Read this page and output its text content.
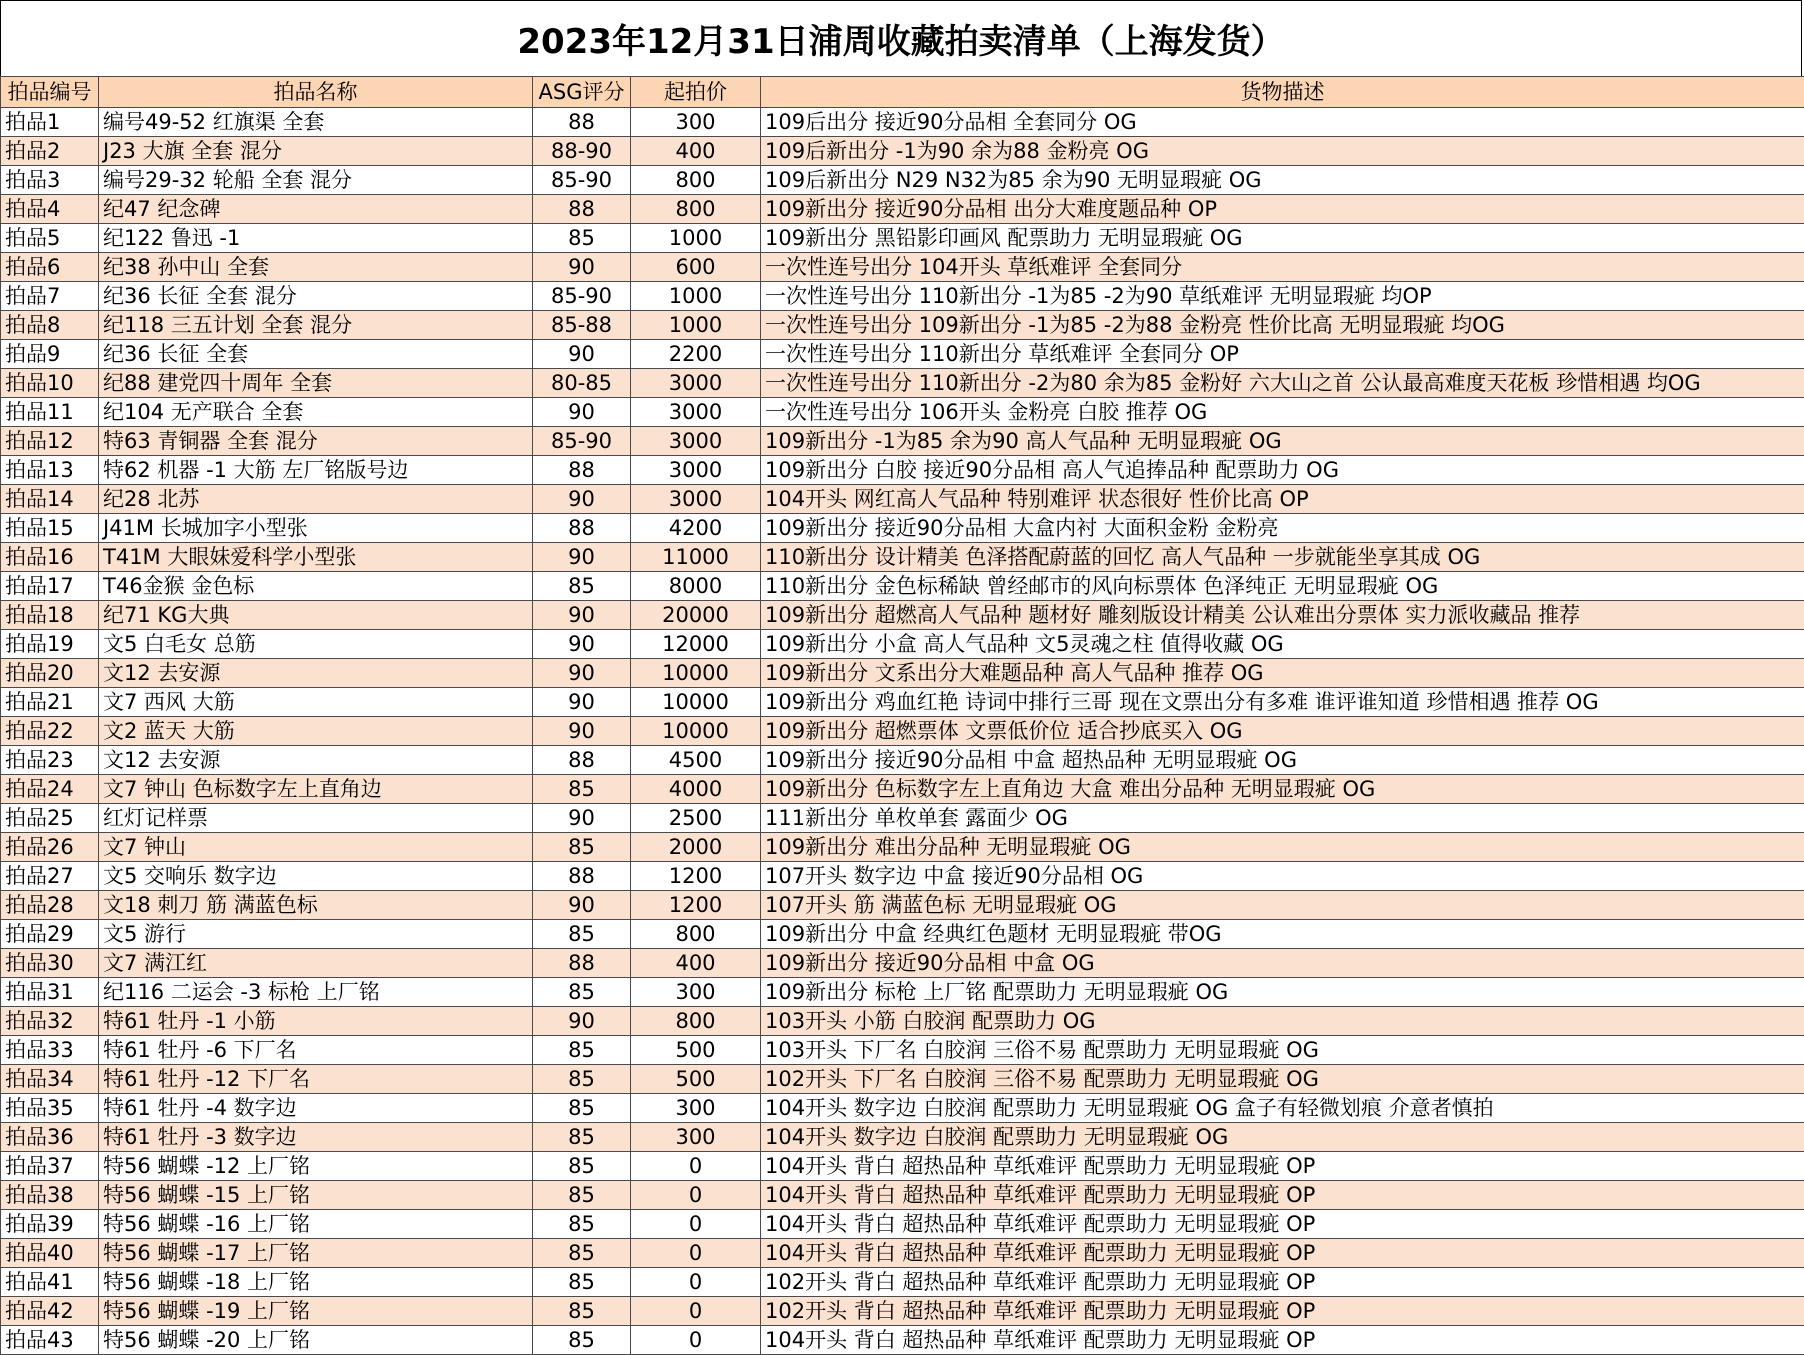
2023年12月31日浦周收藏拍卖清单（上海发货）
拍品编号	拍品名称	ASG评分	起拍价	货物描述
拍品1	编号49-52 红旗渠 全套	88	300	109后出分 接近90分品相 全套同分 OG
拍品2	J23 大旗 全套 混分	88-90	400	109后新出分 -1为90 余为88 金粉亮 OG
拍品3	编号29-32 轮船 全套 混分	85-90	800	109后新出分 N29 N32为85 余为90 无明显瑕疵 OG
拍品4	纪47 纪念碑	88	800	109新出分 接近90分品相 出分大难度题品种 OP
拍品5	纪122 鲁迅 -1	85	1000	109新出分 黑铅影印画风 配票助力 无明显瑕疵 OG
拍品6	纪38 孙中山 全套	90	600	一次性连号出分 104开头 草纸难评 全套同分
拍品7	纪36 长征 全套 混分	85-90	1000	一次性连号出分 110新出分 -1为85 -2为90 草纸难评 无明显瑕疵 均OP
拍品8	纪118 三五计划 全套 混分	85-88	1000	一次性连号出分 109新出分 -1为85 -2为88 金粉亮 性价比高 无明显瑕疵 均OG
拍品9	纪36 长征 全套	90	2200	一次性连号出分 110新出分 草纸难评 全套同分 OP
拍品10	纪88 建党四十周年 全套	80-85	3000	一次性连号出分 110新出分 -2为80 余为85 金粉好 六大山之首 公认最高难度天花板 珍惜相遇 均OG
拍品11	纪104 无产联合 全套	90	3000	一次性连号出分 106开头 金粉亮 白胶 推荐 OG
拍品12	特63 青铜器 全套 混分	85-90	3000	109新出分 -1为85 余为90 高人气品种 无明显瑕疵 OG
拍品13	特62 机器 -1 大筋 左厂铭版号边	88	3000	109新出分 白胶 接近90分品相 高人气追捧品种 配票助力 OG
拍品14	纪28 北苏	90	3000	104开头 网红高人气品种 特别难评 状态很好 性价比高 OP
拍品15	J41M 长城加字小型张	88	4200	109新出分 接近90分品相 大盒内衬 大面积金粉 金粉亮
拍品16	T41M 大眼妹爱科学小型张	90	11000	110新出分 设计精美 色泽搭配蔚蓝的回忆 高人气品种 一步就能坐享其成 OG
拍品17	T46金猴 金色标	85	8000	110新出分 金色标稀缺 曾经邮市的风向标票体 色泽纯正 无明显瑕疵 OG
拍品18	纪71 KG大典	90	20000	109新出分 超燃高人气品种 题材好 雕刻版设计精美 公认难出分票体 实力派收藏品 推荐
拍品19	文5 白毛女 总筋	90	12000	109新出分 小盒 高人气品种 文5灵魂之柱 值得收藏 OG
拍品20	文12 去安源	90	10000	109新出分 文系出分大难题品种 高人气品种 推荐 OG
拍品21	文7 西风 大筋	90	10000	109新出分 鸡血红艳 诗词中排行三哥 现在文票出分有多难 谁评谁知道 珍惜相遇 推荐 OG
拍品22	文2 蓝天 大筋	90	10000	109新出分 超燃票体 文票低价位 适合抄底买入 OG
拍品23	文12 去安源	88	4500	109新出分 接近90分品相 中盒 超热品种 无明显瑕疵 OG
拍品24	文7 钟山 色标数字左上直角边	85	4000	109新出分 色标数字左上直角边 大盒 难出分品种 无明显瑕疵 OG
拍品25	红灯记样票	90	2500	111新出分 单枚单套 露面少 OG
拍品26	文7 钟山	85	2000	109新出分 难出分品种 无明显瑕疵 OG
拍品27	文5 交响乐 数字边	88	1200	107开头 数字边 中盒 接近90分品相 OG
拍品28	文18 刺刀 筋 满蓝色标	90	1200	107开头 筋 满蓝色标 无明显瑕疵 OG
拍品29	文5 游行	85	800	109新出分 中盒 经典红色题材 无明显瑕疵 带OG
拍品30	文7 满江红	88	400	109新出分 接近90分品相 中盒 OG
拍品31	纪116 二运会 -3 标枪 上厂铭	85	300	109新出分 标枪 上厂铭 配票助力 无明显瑕疵 OG
拍品32	特61 牡丹 -1 小筋	90	800	103开头 小筋 白胶润 配票助力 OG
拍品33	特61 牡丹 -6 下厂名	85	500	103开头 下厂名 白胶润 三俗不易 配票助力 无明显瑕疵 OG
拍品34	特61 牡丹 -12 下厂名	85	500	102开头 下厂名 白胶润 三俗不易 配票助力 无明显瑕疵 OG
拍品35	特61 牡丹 -4 数字边	85	300	104开头 数字边 白胶润 配票助力 无明显瑕疵 OG 盒子有轻微划痕 介意者慎拍
拍品36	特61 牡丹 -3 数字边	85	300	104开头 数字边 白胶润 配票助力 无明显瑕疵 OG
拍品37	特56 蝴蝶 -12 上厂铭	85	0	104开头 背白 超热品种 草纸难评 配票助力 无明显瑕疵 OP
拍品38	特56 蝴蝶 -15 上厂铭	85	0	104开头 背白 超热品种 草纸难评 配票助力 无明显瑕疵 OP
拍品39	特56 蝴蝶 -16 上厂铭	85	0	104开头 背白 超热品种 草纸难评 配票助力 无明显瑕疵 OP
拍品40	特56 蝴蝶 -17 上厂铭	85	0	104开头 背白 超热品种 草纸难评 配票助力 无明显瑕疵 OP
拍品41	特56 蝴蝶 -18 上厂铭	85	0	102开头 背白 超热品种 草纸难评 配票助力 无明显瑕疵 OP
拍品42	特56 蝴蝶 -19 上厂铭	85	0	102开头 背白 超热品种 草纸难评 配票助力 无明显瑕疵 OP
拍品43	特56 蝴蝶 -20 上厂铭	85	0	104开头 背白 超热品种 草纸难评 配票助力 无明显瑕疵 OP
